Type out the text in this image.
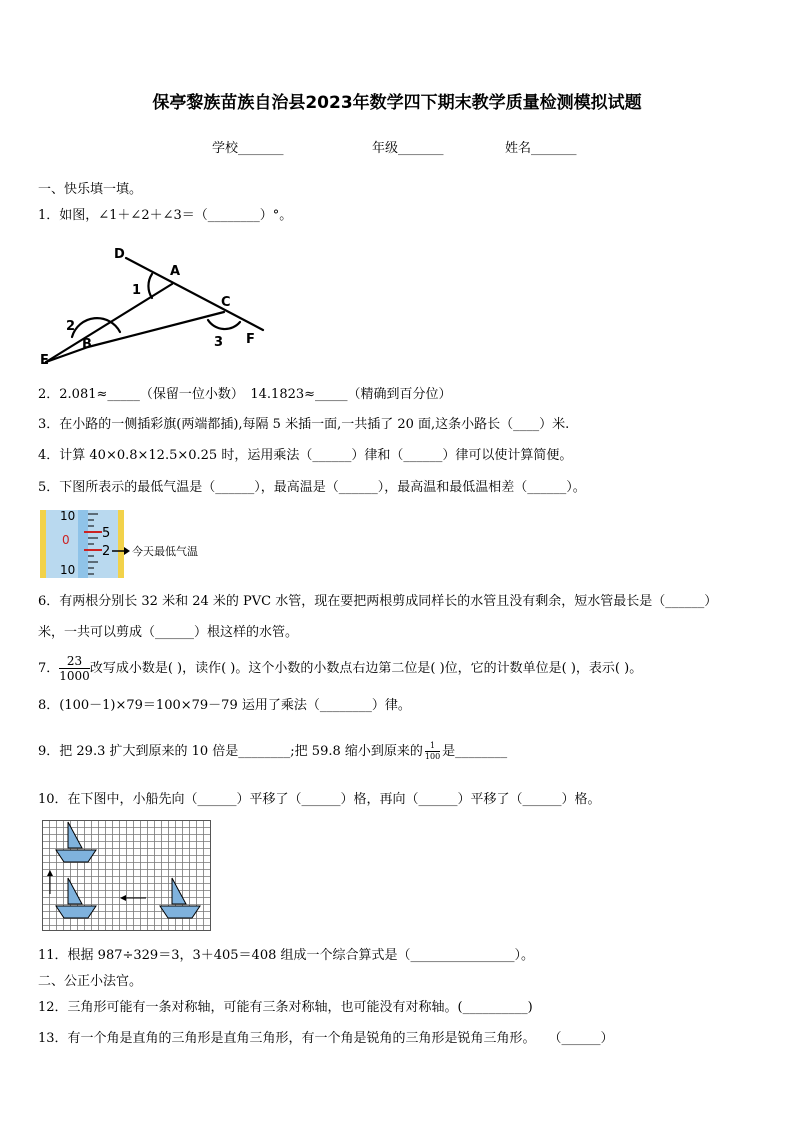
保亭黎族苗族自治县2023年数学四下期末教学质量检测模拟试题
学校_______	年级_______	姓名_______
一、快乐填一填。
1．如图，∠1＋∠2＋∠3＝（________）°。
D
A
C
F
B
E
1
2
3
2．2.081≈_____（保留一位小数）　14.1823≈_____（精确到百分位）
3．在小路的一侧插彩旗(两端都插),每隔 5 米插一面,一共插了 20 面,这条小路长（____）米.
4．计算 40×0.8×12.5×0.25 时，运用乘法（______）律和（______）律可以使计算简便。
5．下图所表示的最低气温是（______），最高温是（______），最高温和最低温相差（______）。
10
0
10
5
2 今天最低气温
6．有两根分别长 32 米和 24 米的 PVC 水管，现在要把两根剪成同样长的水管且没有剩余，短水管最长是（______）
米，一共可以剪成（______）根这样的水管。
7． $\frac{23}{1000}$ 改写成小数是( )，读作( )。这个小数的小数点右边第二位是( )位，它的计数单位是( )，表示( )。
8．(100－1)×79＝100×79－79 运用了乘法（________）律。
9．把 29.3 扩大到原来的 10 倍是________;把 59.8 缩小到原来的 $\frac{1}{100}$ 是________
10．在下图中，小船先向（______）平移了（______）格，再向（______）平移了（______）格。
11．根据 987÷329＝3，3＋405＝408 组成一个综合算式是（________________）。
二、公正小法官。
12．三角形可能有一条对称轴，可能有三条对称轴，也可能没有对称轴。(__________)
13．有一个角是直角的三角形是直角三角形，有一个角是锐角的三角形是锐角三角形。　　（______）
